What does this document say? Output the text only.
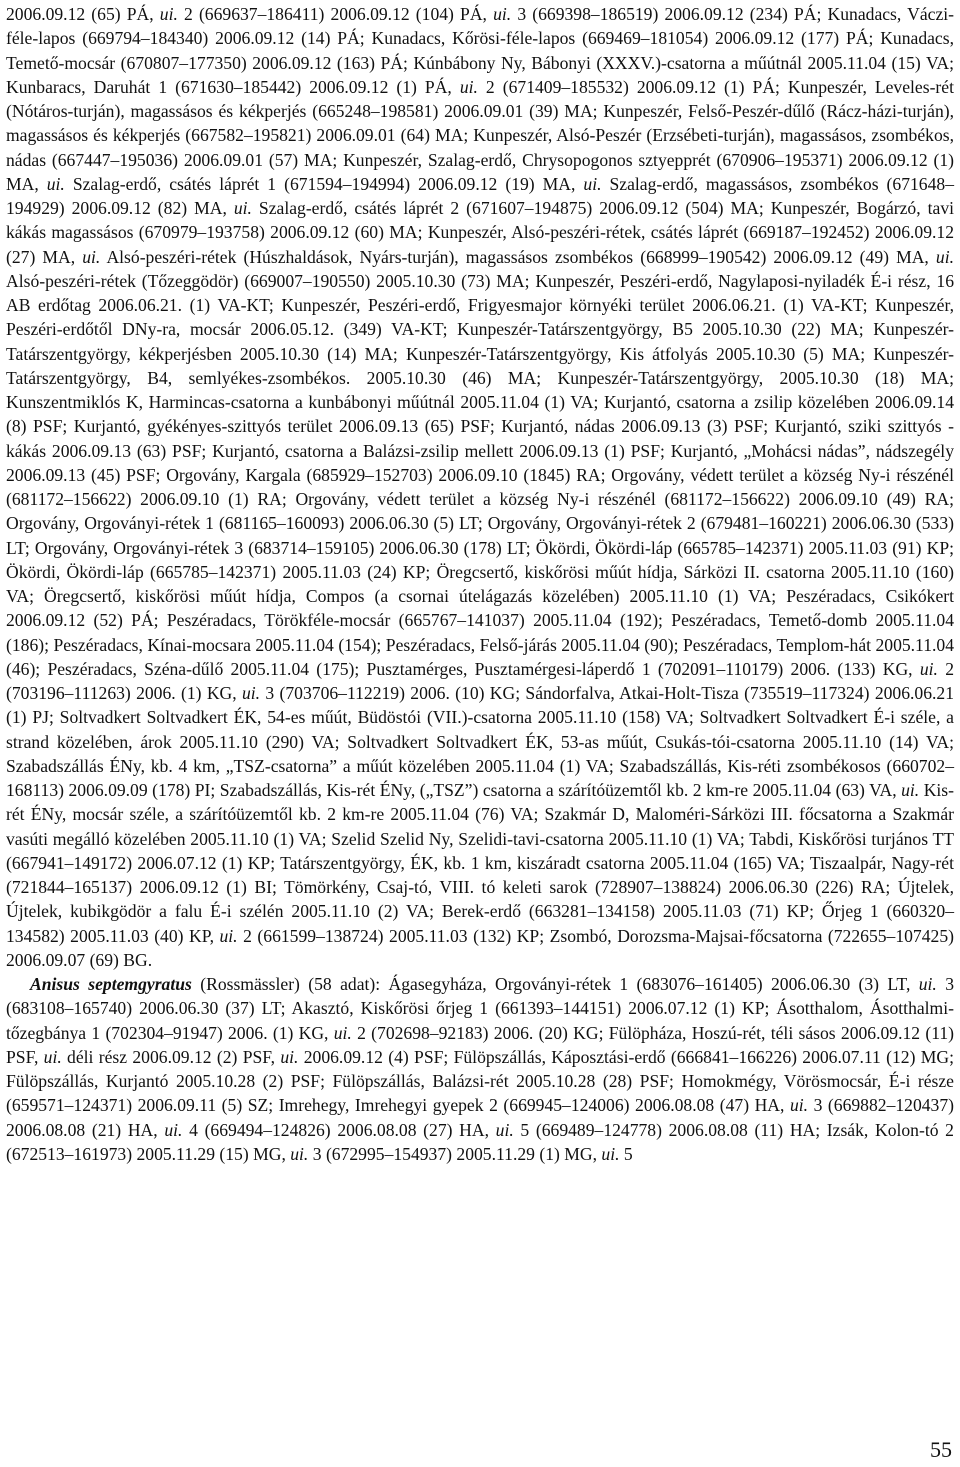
2006.09.12 (65) PÁ, ui. 2 (669637–186411) 2006.09.12 (104) PÁ, ui. 3 (669398–186519) 2006.09.12 (234) PÁ; Kunadacs, Váczi-féle-lapos (669794–184340) 2006.09.12 (14) PÁ; Kunadacs, Kőrösi-féle-lapos (669469–181054) 2006.09.12 (177) PÁ; Kunadacs, Temető-mocsár (670807–177350) 2006.09.12 (163) PÁ; Kúnbábony Ny, Bábonyi (XXXV.)-csatorna a műútnál 2005.11.04 (15) VA; Kunbaracs, Daruhát 1 (671630–185442) 2006.09.12 (1) PÁ, ui. 2 (671409–185532) 2006.09.12 (1) PÁ; Kunpeszér, Leveles-rét (Nótáros-turján), magassásos és kékperjés (665248–198581) 2006.09.01 (39) MA; Kunpeszér, Felső-Peszér-dűlő (Rácz-házi-turján), magassásos és kékperjés (667582–195821) 2006.09.01 (64) MA; Kunpeszér, Alsó-Peszér (Erzsébeti-turján), magassásos, zsombékos, nádas (667447–195036) 2006.09.01 (57) MA; Kunpeszér, Szalag-erdő, Chrysopogonos sztyepprét (670906–195371) 2006.09.12 (1) MA, ui. Szalag-erdő, csátés láprét 1 (671594–194994) 2006.09.12 (19) MA, ui. Szalag-erdő, magassásos, zsombékos (671648–194929) 2006.09.12 (82) MA, ui. Szalag-erdő, csátés láprét 2 (671607–194875) 2006.09.12 (504) MA; Kunpeszér, Bogárzó, tavi kákás magassásos (670979–193758) 2006.09.12 (60) MA; Kunpeszér, Alsó-peszéri-rétek, csátés láprét (669187–192452) 2006.09.12 (27) MA, ui. Alsó-peszéri-rétek (Húszhaldások, Nyárs-turján), magassásos zsombékos (668999–190542) 2006.09.12 (49) MA, ui. Alsó-peszéri-rétek (Tőzeggödör) (669007–190550) 2005.10.30 (73) MA; Kunpeszér, Peszéri-erdő, Nagylaposi-nyiladék É-i rész, 16 AB erdőtag 2006.06.21. (1) VA-KT; Kunpeszér, Peszéri-erdő, Frigyesmajor környéki terület 2006.06.21. (1) VA-KT; Kunpeszér, Peszéri-erdőtől DNy-ra, mocsár 2006.05.12. (349) VA-KT; Kunpeszér-Tatárszentgyörgy, B5 2005.10.30 (22) MA; Kunpeszér-Tatárszentgyörgy, kékperjésben 2005.10.30 (14) MA; Kunpeszér-Tatárszentgyörgy, Kis átfolyás 2005.10.30 (5) MA; Kunpeszér-Tatárszentgyörgy, B4, semlyékes-zsombékos. 2005.10.30 (46) MA; Kunpeszér-Tatárszentgyörgy, 2005.10.30 (18) MA; Kunszentmiklós K, Harmincas-csatorna a kunbábonyi műútnál 2005.11.04 (1) VA; Kurjantó, csatorna a zsilip közelében 2006.09.14 (8) PSF; Kurjantó, gyékényes-szittyós terület 2006.09.13 (65) PSF; Kurjantó, nádas 2006.09.13 (3) PSF; Kurjantó, sziki szittyós - kákás 2006.09.13 (63) PSF; Kurjantó, csatorna a Balázsi-zsilip mellett 2006.09.13 (1) PSF; Kurjantó, „Mohácsi nádas”, nádszegély 2006.09.13 (45) PSF; Orgovány, Kargala (685929–152703) 2006.09.10 (1845) RA; Orgovány, védett terület a község Ny-i részénél (681172–156622) 2006.09.10 (1) RA; Orgovány, védett terület a község Ny-i részénél (681172–156622) 2006.09.10 (49) RA; Orgovány, Orgoványi-rétek 1 (681165–160093) 2006.06.30 (5) LT; Orgovány, Orgoványi-rétek 2 (679481–160221) 2006.06.30 (533) LT; Orgovány, Orgoványi-rétek 3 (683714–159105) 2006.06.30 (178) LT; Ökördi, Ökördi-láp (665785–142371) 2005.11.03 (91) KP; Ökördi, Ökördi-láp (665785–142371) 2005.11.03 (24) KP; Öregcsertő, kiskőrösi műút hídja, Sárközi II. csatorna 2005.11.10 (160) VA; Öregcsertő, kiskőrösi műút hídja, Compos (a csornai útelágazás közelében) 2005.11.10 (1) VA; Peszéradacs, Csikókert 2006.09.12 (52) PÁ; Peszéradacs, Törökféle-mocsár (665767–141037) 2005.11.04 (192); Peszéradacs, Temető-domb 2005.11.04 (186); Peszéradacs, Kínai-mocsara 2005.11.04 (154); Peszéradacs, Felső-járás 2005.11.04 (90); Peszéradacs, Templom-hát 2005.11.04 (46); Peszéradacs, Széna-dűlő 2005.11.04 (175); Pusztamérges, Pusztamérgesi-láperdő 1 (702091–110179) 2006. (133) KG, ui. 2 (703196–111263) 2006. (1) KG, ui. 3 (703706–112219) 2006. (10) KG; Sándorfalva, Atkai-Holt-Tisza (735519–117324) 2006.06.21 (1) PJ; Soltvadkert Soltvadkert ÉK, 54-es műút, Büdöstói (VII.)-csatorna 2005.11.10 (158) VA; Soltvadkert Soltvadkert É-i széle, a strand közelében, árok 2005.11.10 (290) VA; Soltvadkert Soltvadkert ÉK, 53-as műút, Csukás-tói-csatorna 2005.11.10 (14) VA; Szabadszállás ÉNy, kb. 4 km, „TSZ-csatorna” a műút közelében 2005.11.04 (1) VA; Szabadszállás, Kis-réti zsombékosos (660702–168113) 2006.09.09 (178) PI; Szabadszállás, Kis-rét ÉNy, („TSZ”) csatorna a szárítóüzemtől kb. 2 km-re 2005.11.04 (63) VA, ui. Kis-rét ÉNy, mocsár széle, a szárítóüzemtől kb. 2 km-re 2005.11.04 (76) VA; Szakmár D, Maloméri-Sárközi III. főcsatorna a Szakmár vasúti megálló közelében 2005.11.10 (1) VA; Szelid Szelid Ny, Szelidi-tavi-csatorna 2005.11.10 (1) VA; Tabdi, Kiskőrösi turjános TT (667941–149172) 2006.07.12 (1) KP; Tatárszentgyörgy, ÉK, kb. 1 km, kiszáradt csatorna 2005.11.04 (165) VA; Tiszaalpár, Nagy-rét (721844–165137) 2006.09.12 (1) BI; Tömörkény, Csaj-tó, VIII. tó keleti sarok (728907–138824) 2006.06.30 (226) RA; Újtelek, Újtelek, kubikgödör a falu É-i szélén 2005.11.10 (2) VA; Berek-erdő (663281–134158) 2005.11.03 (71) KP; Őrjeg 1 (660320–134582) 2005.11.03 (40) KP, ui. 2 (661599–138724) 2005.11.03 (132) KP; Zsombó, Dorozsma-Majsai-főcsatorna (722655–107425) 2006.09.07 (69) BG.

Anisus septemgyratus (Rossmässler) (58 adat): Ágasegyháza, Orgoványi-rétek 1 (683076–161405) 2006.06.30 (3) LT, ui. 3 (683108–165740) 2006.06.30 (37) LT; Akasztó, Kiskőrösi őrjeg 1 (661393–144151) 2006.07.12 (1) KP; Ásotthalom, Ásotthalmi-tőzegbánya 1 (702304–91947) 2006. (1) KG, ui. 2 (702698–92183) 2006. (20) KG; Fülöpháza, Hoszú-rét, téli sásos 2006.09.12 (11) PSF, ui. déli rész 2006.09.12 (2) PSF, ui. 2006.09.12 (4) PSF; Fülöpszállás, Káposztási-erdő (666841–166226) 2006.07.11 (12) MG; Fülöpszállás, Kurjantó 2005.10.28 (2) PSF; Fülöpszállás, Balázsi-rét 2005.10.28 (28) PSF; Homokmégy, Vörösmocsár, É-i része (659571–124371) 2006.09.11 (5) SZ; Imrehegy, Imrehegyi gyepek 2 (669945–124006) 2006.08.08 (47) HA, ui. 3 (669882–120437) 2006.08.08 (21) HA, ui. 4 (669494–124826) 2006.08.08 (27) HA, ui. 5 (669489–124778) 2006.08.08 (11) HA; Izsák, Kolon-tó 2 (672513–161973) 2005.11.29 (15) MG, ui. 3 (672995–154937) 2005.11.29 (1) MG, ui. 5

55
